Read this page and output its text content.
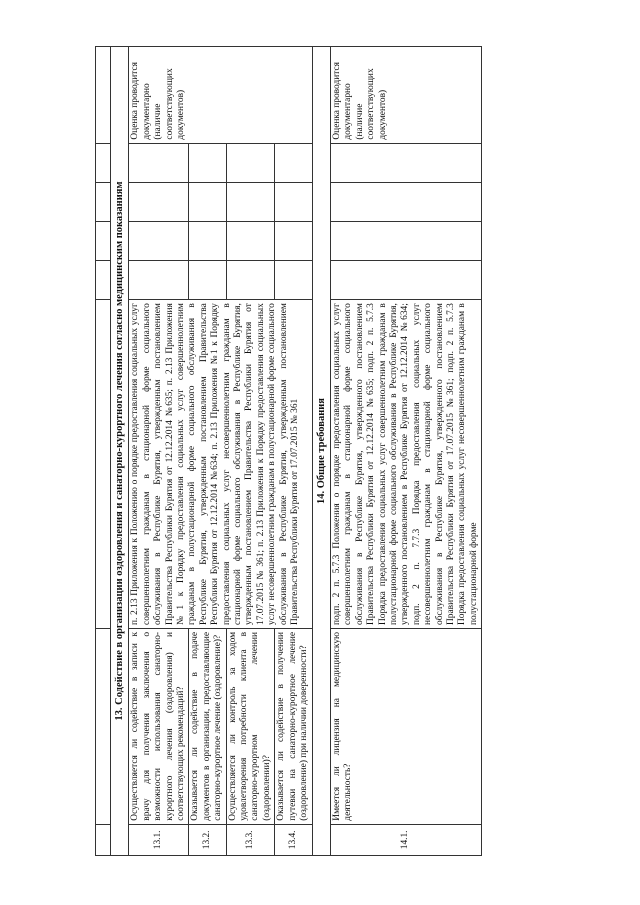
13. Содействие в организации оздоровления и санаторно-курортного лечения согласно медицинским показаниям							
13.1.	Осуществляется ли содействие в записи к врачу для получения заключения о возможности использования санаторно-курортного лечения (оздоровления) и соответствующих рекомендаций?	п. 2.13 Приложения к Положению о порядке предоставления социальных услуг совершеннолетним гражданам в стационарной форме социального обслуживания в Республике Бурятия, утвержденным постановлением Правительства Республики Бурятия от 12.12.2014 №635; п. 2.13 Приложения №1 к Порядку предоставления социальных услуг совершеннолетним гражданам в полустационарной форме социального обслуживания в Республике Бурятия, утвержденным постановлением Правительства Республики Бурятия от 12.12.2014 №634; п. 2.13 Приложения №1 к Порядку предоставления социальных услуг несовершеннолетним гражданам в стационарной форме социального обслуживания в Республике Бурятия, утвержденным постановлением Правительства Республики Бурятия от 17.07.2015 № 361; п. 2.13 Приложения к Порядку предоставления социальных услуг несовершеннолетним гражданам в полустационарной форме социального обслуживания в Республике Бурятия, утвержденным постановлением Правительства Республики Бурятия от 17.07.2015 № 361					Оценка проводится документарно (наличие соответствующих документов)
13.2.	Оказывается ли содействие в подаче документов в организации, предоставляющие санаторно-курортное лечение (оздоровление)?						
13.3.	Осуществляется ли контроль за ходом удовлетворения потребности клиента в санаторно-курортном лечении (оздоровлении)?						
13.4.	Оказывается ли содействие в получении путевки на санаторно-курортное лечение (оздоровление) при наличии доверенности?						
14. Общие требования							
14.1.	Имеется ли лицензия на медицинскую деятельность?	подп. 2 п. 5.7.3 Положения о порядке предоставления социальных услуг совершеннолетним гражданам в стационарной форме социального обслуживания в Республике Бурятия, утвержденного постановлением Правительства Республики Бурятия от 12.12.2014 №635; подп. 2 п. 5.7.3 Порядка предоставления социальных услуг совершеннолетним гражданам в полустационарной форме социального обслуживания в Республике Бурятия, утвержденного постановлением в Республике Бурятия от 12.12.2014 №634; подп. 2 п. 7.7.3 Порядка предоставления социальных услуг несовершеннолетним гражданам в стационарной форме социального обслуживания в Республике Бурятия, утвержденного постановлением Правительства Республики Бурятия от 17.07.2015 №361; подп. 2 п. 5.7.3 Порядка предоставления социальных услуг несовершеннолетним гражданам в полустационарной форме					Оценка проводится документарно (наличие соответствующих документов)
